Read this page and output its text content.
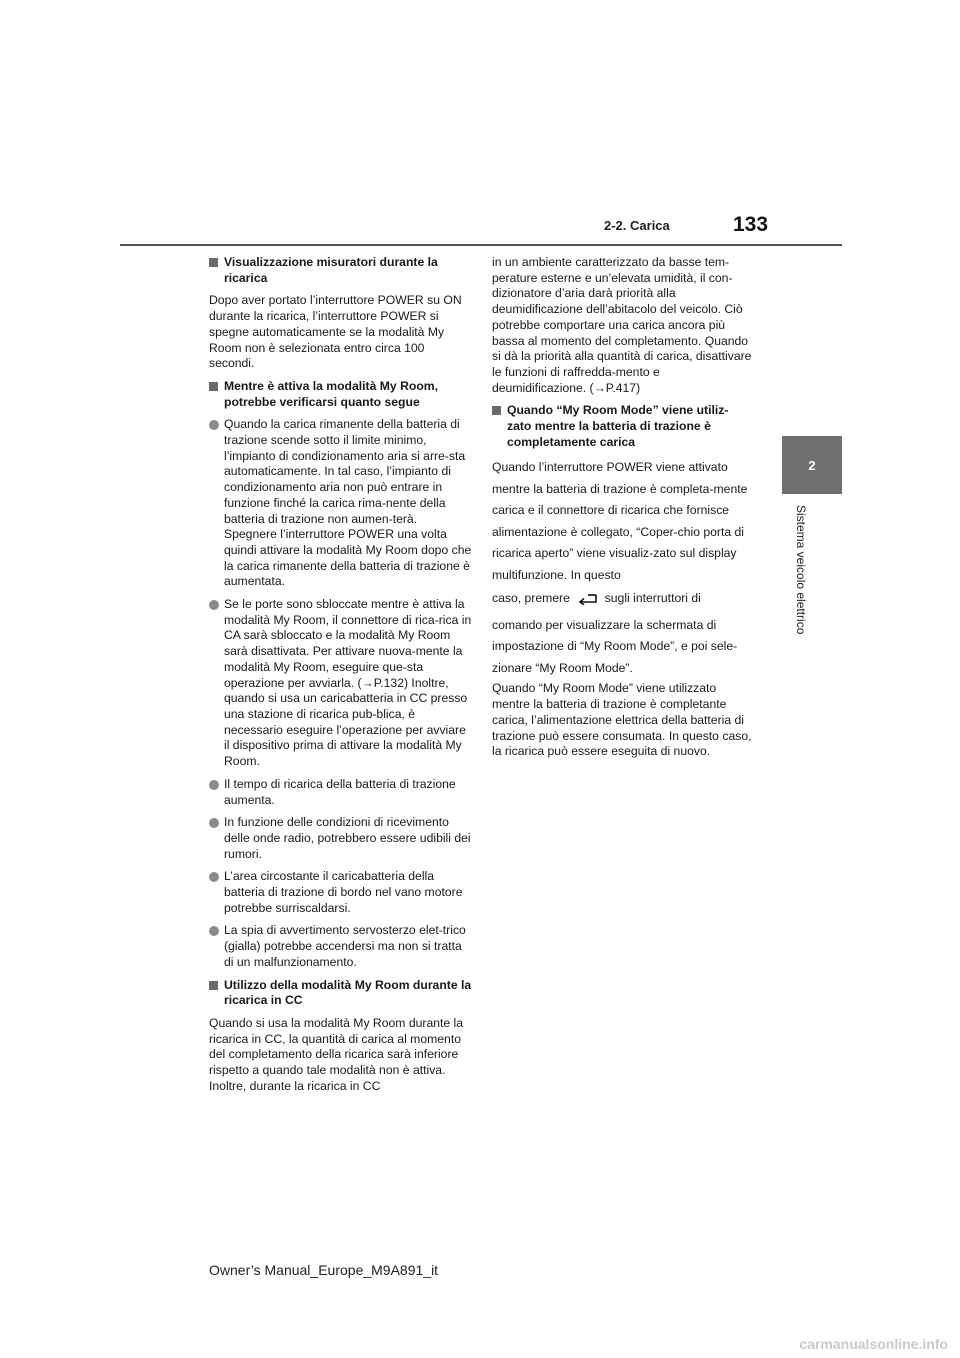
2-2. Carica	133
2
Sistema veicolo elettrico
Visualizzazione misuratori durante la ricarica

Dopo aver portato l’interruttore POWER su ON durante la ricarica, l’interruttore POWER si spegne automaticamente se la modalità My Room non è selezionata entro circa 100 secondi.

Mentre è attiva la modalità My Room, potrebbe verificarsi quanto segue
Quando la carica rimanente della batteria di trazione scende sotto il limite minimo, l’impianto di condizionamento aria si arre-sta automaticamente. In tal caso, l’impianto di condizionamento aria non può entrare in funzione finché la carica rima-nente della batteria di trazione non aumen-terà. Spegnere l’interruttore POWER una volta quindi attivare la modalità My Room dopo che la carica rimanente della batteria di trazione è aumentata.
Se le porte sono sbloccate mentre è attiva la modalità My Room, il connettore di rica-rica in CA sarà sbloccato e la modalità My Room sarà disattivata. Per attivare nuova-mente la modalità My Room, eseguire que-sta operazione per avviarla. (→P.132) Inoltre, quando si usa un caricabatteria in CC presso una stazione di ricarica pub-blica, è necessario eseguire l’operazione per avviare il dispositivo prima di attivare la modalità My Room.
Il tempo di ricarica della batteria di trazione aumenta.
In funzione delle condizioni di ricevimento delle onde radio, potrebbero essere udibili dei rumori.
L’area circostante il caricabatteria della batteria di trazione di bordo nel vano motore potrebbe surriscaldarsi.
La spia di avvertimento servosterzo elet-trico (gialla) potrebbe accendersi ma non si tratta di un malfunzionamento.
Utilizzo della modalità My Room durante la ricarica in CC

Quando si usa la modalità My Room durante la ricarica in CC, la quantità di carica al momento del completamento della ricarica sarà inferiore rispetto a quando tale modalità non è attiva. Inoltre, durante la ricarica in CC

in un ambiente caratterizzato da basse tem-perature esterne e un’elevata umidità, il con-dizionatore d’aria darà priorità alla deumidificazione dell’abitacolo del veicolo. Ciò potrebbe comportare una carica ancora più bassa al momento del completamento. Quando si dà la priorità alla quantità di carica, disattivare le funzioni di raffredda-mento e deumidificazione. (→P.417)

Quando “My Room Mode” viene utiliz-zato mentre la batteria di trazione è completamente carica

Quando l’interruttore POWER viene attivato mentre la batteria di trazione è completa-mente carica e il connettore di ricarica che fornisce alimentazione è collegato, “Coper-chio porta di ricarica aperto” viene visualiz-zato sul display multifunzione. In questo

caso, premere	sugli interruttori di

comando per visualizzare la schermata di impostazione di “My Room Mode”, e poi sele-zionare “My Room Mode”.

Quando “My Room Mode” viene utilizzato mentre la batteria di trazione è completante carica, l’alimentazione elettrica della batteria di trazione può essere consumata. In questo caso, la ricarica può essere eseguita di nuovo.

Owner’s Manual_Europe_M9A891_it
carmanualsonline.info
